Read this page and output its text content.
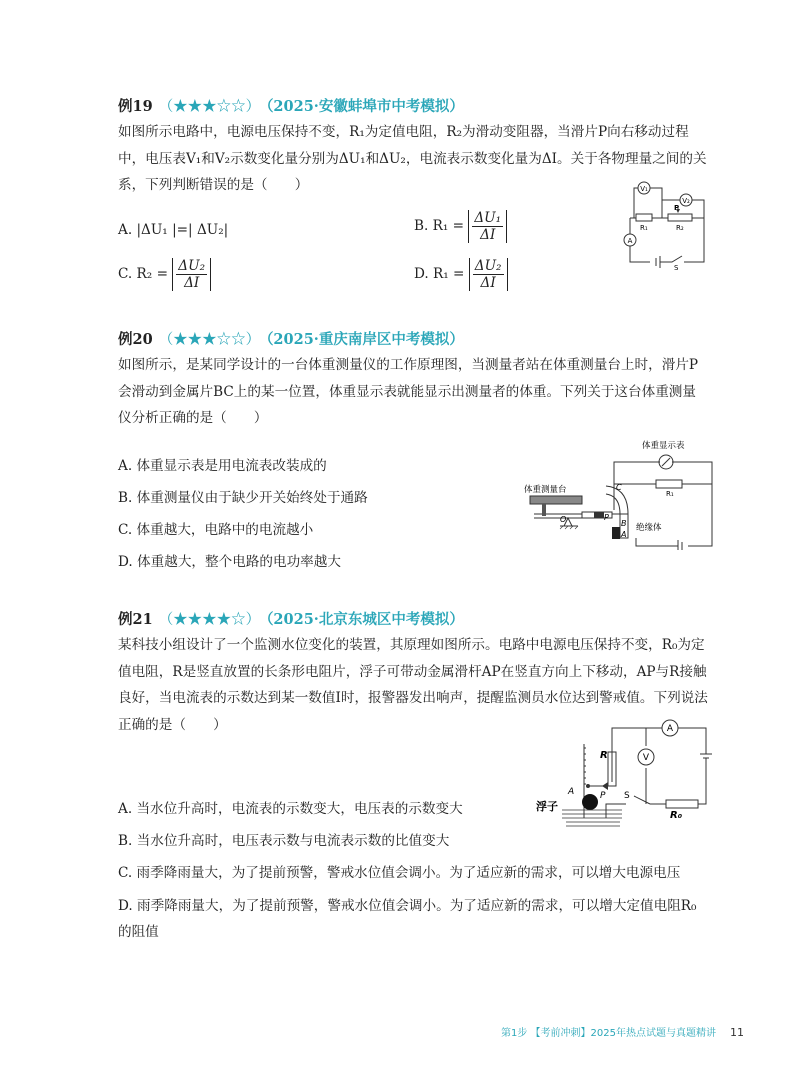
例19 （★★★☆☆） （2025·安徽蚌埠市中考模拟）
如图所示电路中，电源电压保持不变，R₁为定值电阻，R₂为滑动变阻器，当滑片P向右移动过程中，电压表V₁和V₂示数变化量分别为ΔU₁和ΔU₂，电流表示数变化量为ΔI。关于各物理量之间的关系，下列判断错误的是（　　）
A. |ΔU₁ |=| ΔU₂|	B. $R_1 = \frac{\text{ΔU₁}}{\Delta I}$
C. $R_2 = \frac{\text{ΔU₂}}{\Delta I}$	D. $R_1 = \frac{\text{ΔU₂}}{\Delta I}$
V₁
V₂
A
R₁	R₂
P
S
例20 （★★★☆☆） （2025·重庆南岸区中考模拟）
如图所示，是某同学设计的一台体重测量仪的工作原理图，当测量者站在体重测量台上时，滑片P会滑动到金属片BC上的某一位置，体重显示表就能显示出测量者的体重。下列关于这台体重测量仪分析正确的是（　　）
A. 体重显示表是用电流表改装成的
B. 体重测量仪由于缺少开关始终处于通路
C. 体重越大，电路中的电流越小
D. 体重越大，整个电路的电功率越大
体重显示表
体重测量台
绝缘体
R₁
C
B
A
P
O
例21 （★★★★☆） （2025·北京东城区中考模拟）
某科技小组设计了一个监测水位变化的装置，其原理如图所示。电路中电源电压保持不变，R₀为定值电阻，R是竖直放置的长条形电阻片，浮子可带动金属滑杆AP在竖直方向上下移动，AP与R接触良好，当电流表的示数达到某一数值I时，报警器发出响声，提醒监测员水位达到警戒值。下列说法正确的是（　　）
A. 当水位升高时，电流表的示数变大，电压表的示数变大
B. 当水位升高时，电压表示数与电流表示数的比值变大
C. 雨季降雨量大，为了提前预警，警戒水位值会调小。为了适应新的需求，可以增大电源电压
D. 雨季降雨量大，为了提前预警，警戒水位值会调小。为了适应新的需求，可以增大定值电阻R₀的阻值
R
A
V
A	P S
R₀
浮子
第1步 【考前冲刺】2025年热点试题与真题精讲 11
